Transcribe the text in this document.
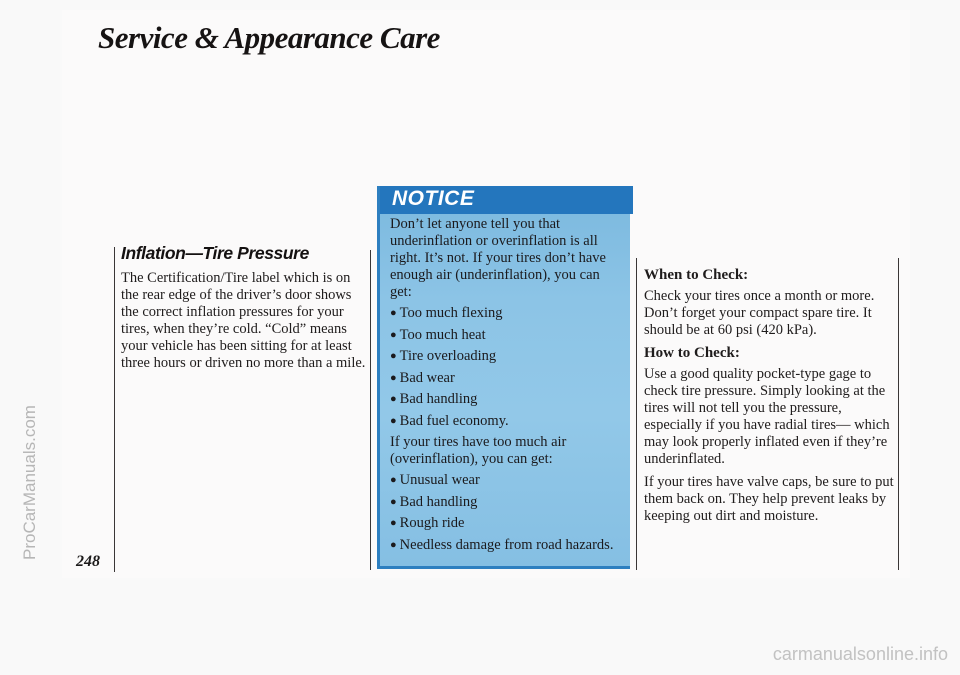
Service & Appearance Care
ProCarManuals.com
248
Inflation—Tire Pressure

The Certification/Tire label which is on the rear edge of the driver’s door shows the correct inflation pressures for your tires, when they’re cold. “Cold” means your vehicle has been sitting for at least three hours or driven no more than a mile.

NOTICE

Don’t let anyone tell you that underinflation or overinflation is all right. It’s not. If your tires don’t have enough air (underinflation), you can get:

● Too much flexing
● Too much heat
● Tire overloading
● Bad wear
● Bad handling
● Bad fuel economy.

If your tires have too much air (overinflation), you can get:

● Unusual wear
● Bad handling
● Rough ride
● Needless damage from road hazards.
When to Check:

Check your tires once a month or more. Don’t forget your compact spare tire. It should be at 60 psi (420 kPa).

How to Check:

Use a good quality pocket-type gage to check tire pressure. Simply looking at the tires will not tell you the pressure, especially if you have radial tires— which may look properly inflated even if they’re underinflated.

If your tires have valve caps, be sure to put them back on. They help prevent leaks by keeping out dirt and moisture.

carmanualsonline.info
